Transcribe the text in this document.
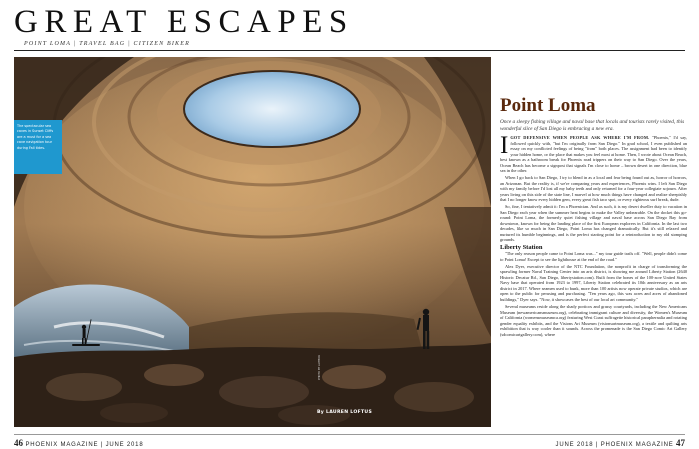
GREAT ESCAPES
POINT LOMA | TRAVEL BAG | CITIZEN BIKER
The spectacular sea
caves in Sunset Cliffs
are a must for a sea
cave navigation tour
during Fall tides.
PHOTO BY AUTHOR
By LAUREN LOFTUS
Point Loma
Once a sleepy fishing village and naval base that locals and tourists rarely visited, this wonderful slice of San Diego is embracing a new era.

IGOT DEFENSIVE WHEN PEOPLE ASK WHERE I'M FROM. "Phoenix," I'd say, followed quickly with, "but I'm originally from San Diego." In grad school, I even published an essay on my conflicted feelings of being "from" both places. The assignment had been to identify your hidden home, or the place that makes you feel most at home. Then, I wrote about Ocean Beach, best known as a bathroom break for Phoenix road trippers on their way to San Diego. Over the years, Ocean Beach has become a signpost that signals I'm close to home – brown desert in one direction, blue sea in the other.

When I go back to San Diego, I try to blend in as a local and fear being found out as, horror of horrors, an Arizonan. But the reality is, if we're comparing years and experiences, Phoenix wins. I left San Diego with my family before I'd lost all my baby teeth and only returned for a four-year collegiate sojourn. After years living on this side of the state line, I marvel at how much things have changed and realize sheepishly that I no longer know every hidden gem, every great fish taco spot, or every righteous surf break, dude.

So, fine, I tentatively admit it: I'm a Phoenician. And as such, it is my desert dweller duty to vacation in San Diego each year when the summer heat begins to make the Valley unbearable. On the docket this go-round: Point Loma, the formerly quiet fishing village and naval base across San Diego Bay from downtown, known for being the landing place of the first European explorers in California. In the last two decades, like so much in San Diego, Point Loma has changed dramatically. But it's still relaxed and nurtured its humble beginnings, and is the perfect starting point for a reintroduction to my old stomping grounds.

Liberty Station

"The only reason people came to Point Loma was..." my tour guide trails off. "Well, people didn't come to Point Loma! Except to see the lighthouse at the end of the road."

Alex Dyer, executive director of the NTC Foundation, the nonprofit in charge of transforming the sprawling former Naval Training Center into an arts district, is showing me around Liberty Station (2640 Historic Decatur Rd., San Diego, libertystation.com). Built from the bones of the 100-acre United States Navy base that operated from 1923 to 1997, Liberty Station celebrated its 10th anniversary as an arts district in 2017. Where seamen used to bunk, more than 100 artists now operate private studios, which are open to the public for perusing and purchasing. "Ten years ago, this was acres and acres of abandoned buildings," Dyer says. "Now, it showcases the best of our local art community."

Several museums reside along the shady porticos and grassy courtyards, including the New Americans Museum (newamericansmuseum.org), celebrating immigrant culture and diversity, the Women's Museum of California (womensmuseumca.org) featuring West Coast suffragette historical paraphernalia and rotating gender equality exhibits, and the Visions Art Museum (visionsartmuseum.org), a textile and quilting arts exhibition that is way cooler than it sounds. Across the promenade is the San Diego Comic Art Gallery (sdcomicartgallery.com), where

46 PHOENIX MAGAZINE | JUNE 2018	JUNE 2018 | PHOENIX MAGAZINE 47
